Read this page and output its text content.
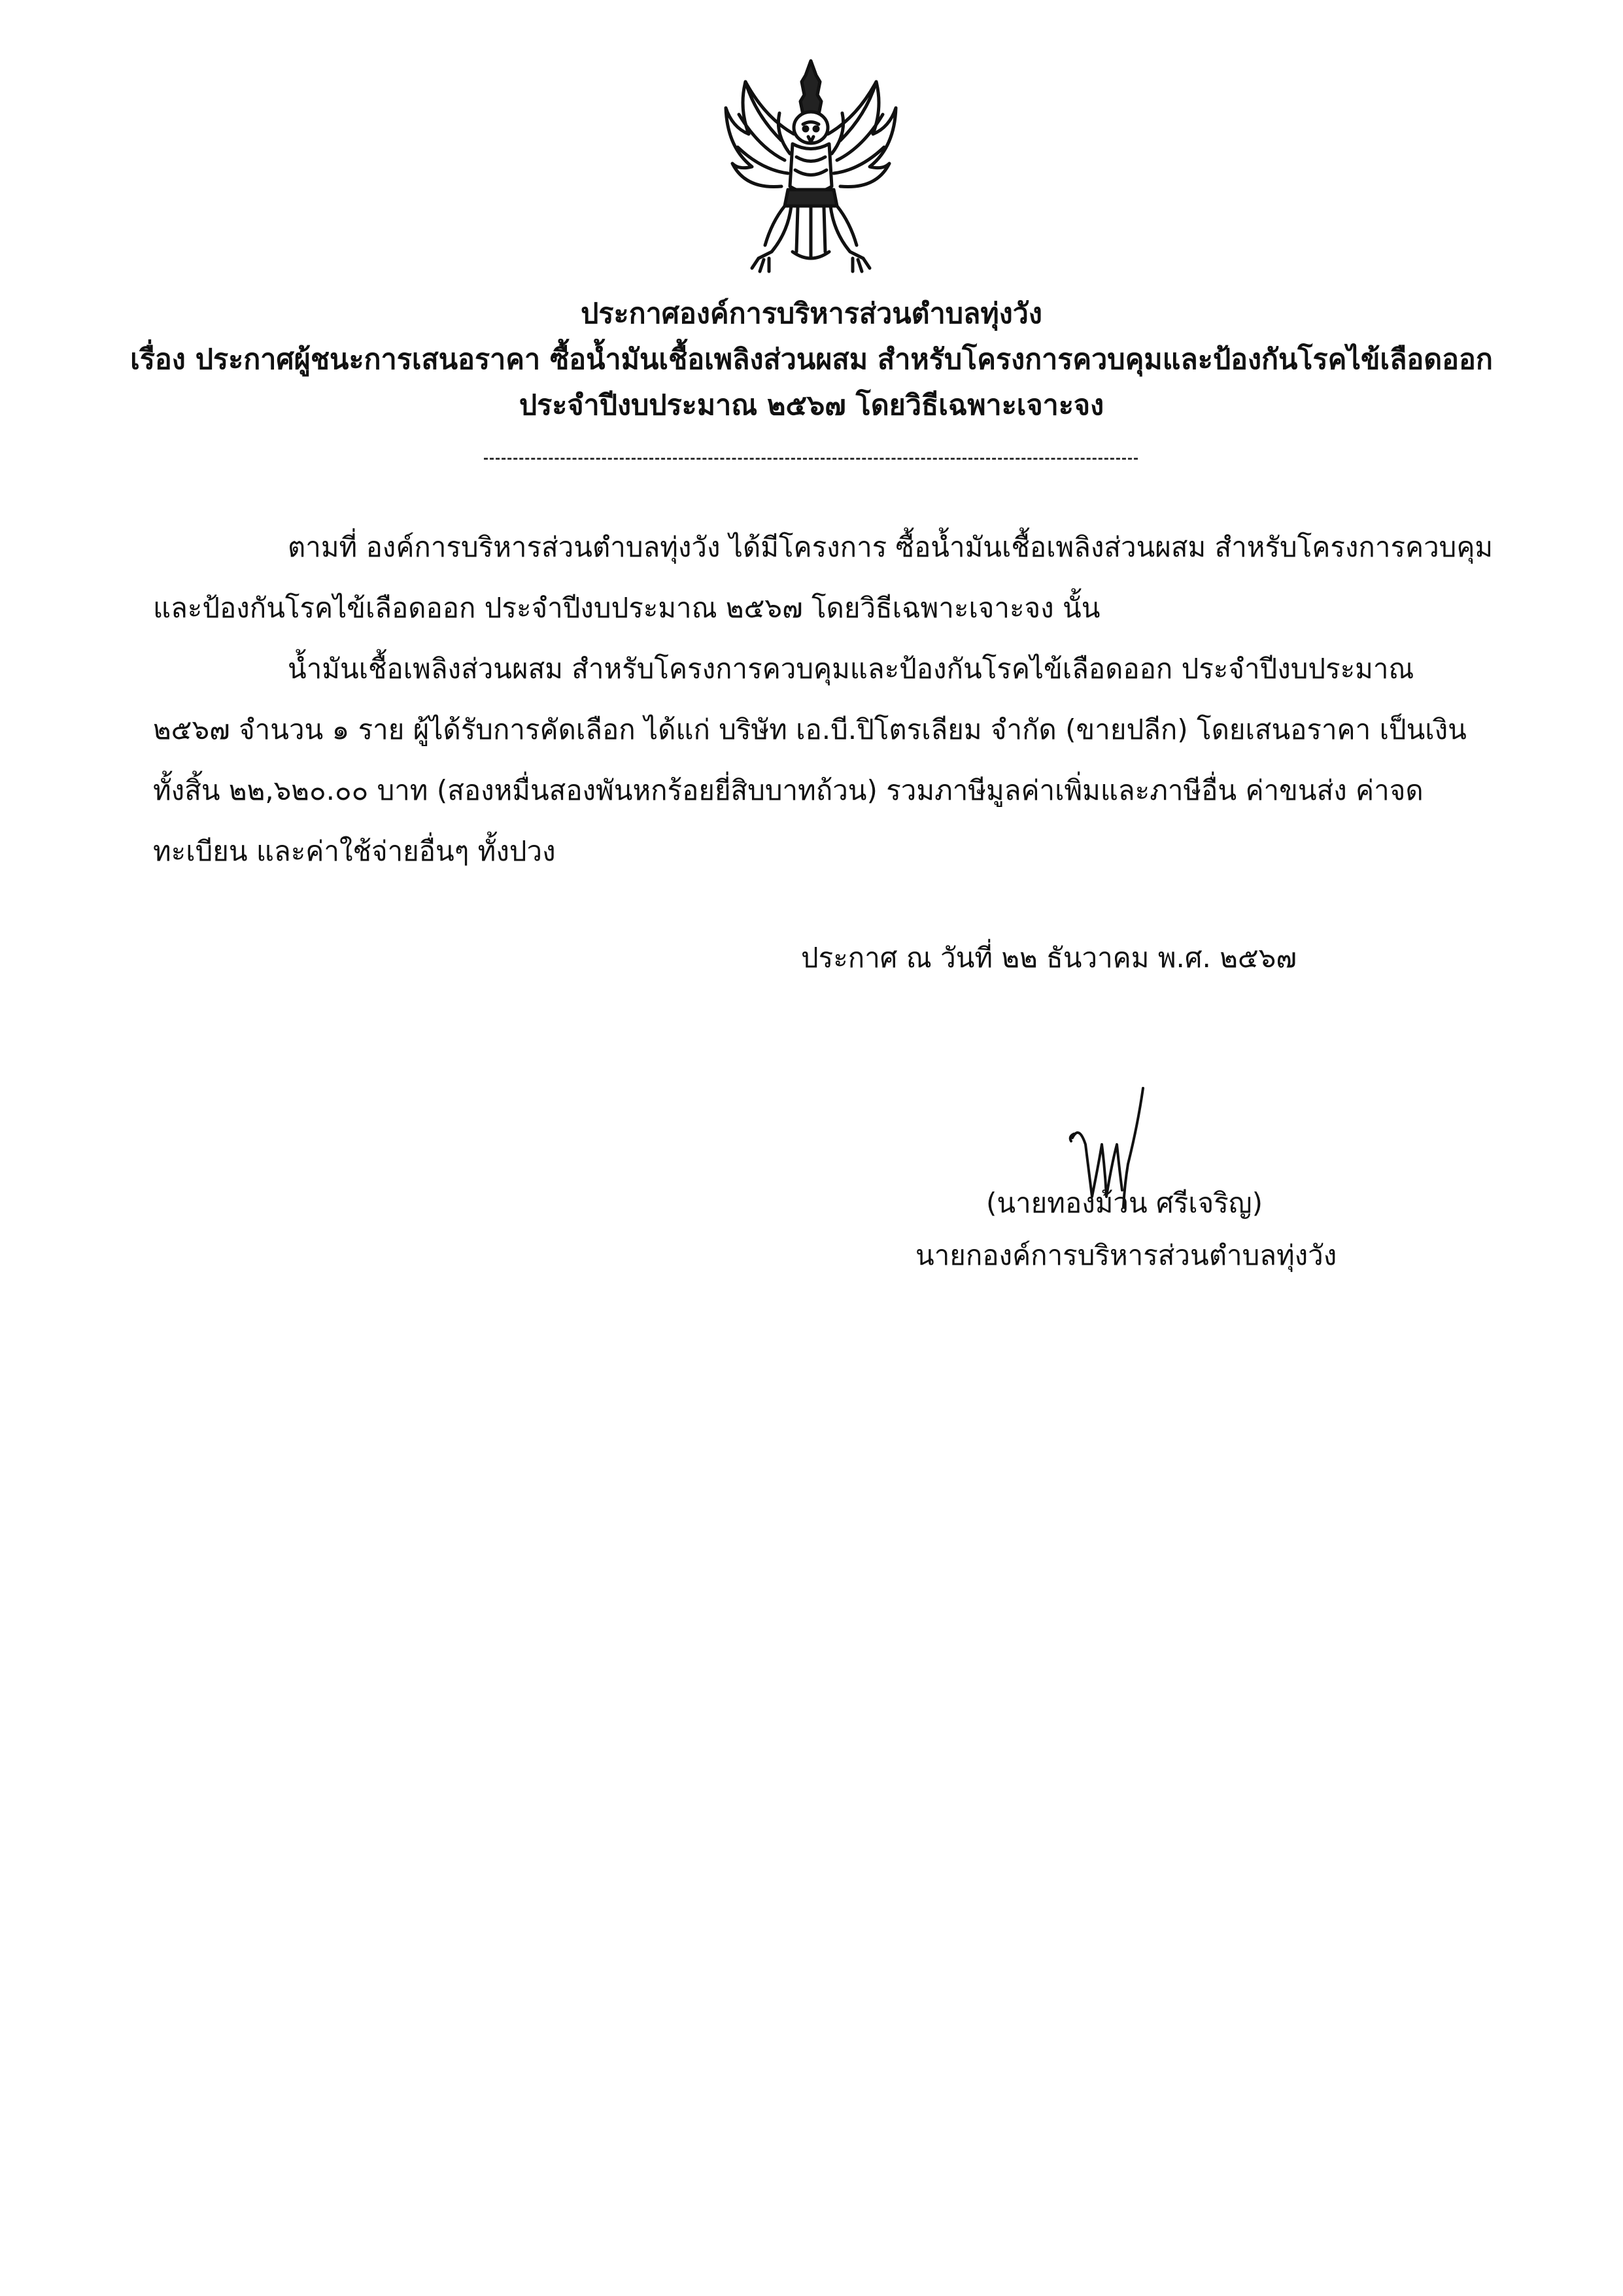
ประกาศองค์การบริหารส่วนตำบลทุ่งวัง
เรื่อง ประกาศผู้ชนะการเสนอราคา ซื้อน้ำมันเชื้อเพลิงส่วนผสม สำหรับโครงการควบคุมและป้องกันโรคไข้เลือดออก
ประจำปีงบประมาณ ๒๕๖๗ โดยวิธีเฉพาะเจาะจง
ตามที่ องค์การบริหารส่วนตำบลทุ่งวัง ได้มีโครงการ ซื้อน้ำมันเชื้อเพลิงส่วนผสม สำหรับโครงการควบคุม
และป้องกันโรคไข้เลือดออก ประจำปีงบประมาณ ๒๕๖๗ โดยวิธีเฉพาะเจาะจง นั้น
น้ำมันเชื้อเพลิงส่วนผสม สำหรับโครงการควบคุมและป้องกันโรคไข้เลือดออก ประจำปีงบประมาณ
๒๕๖๗ จำนวน ๑ ราย ผู้ได้รับการคัดเลือก ได้แก่ บริษัท เอ.บี.ปิโตรเลียม จำกัด (ขายปลีก) โดยเสนอราคา เป็นเงิน
ทั้งสิ้น ๒๒,๖๒๐.๐๐ บาท (สองหมื่นสองพันหกร้อยยี่สิบบาทถ้วน) รวมภาษีมูลค่าเพิ่มและภาษีอื่น ค่าขนส่ง ค่าจด
ทะเบียน และค่าใช้จ่ายอื่นๆ ทั้งปวง
ประกาศ ณ วันที่ ๒๒ ธันวาคม พ.ศ. ๒๕๖๗
(นายทองม้วน ศรีเจริญ)
นายกองค์การบริหารส่วนตำบลทุ่งวัง
